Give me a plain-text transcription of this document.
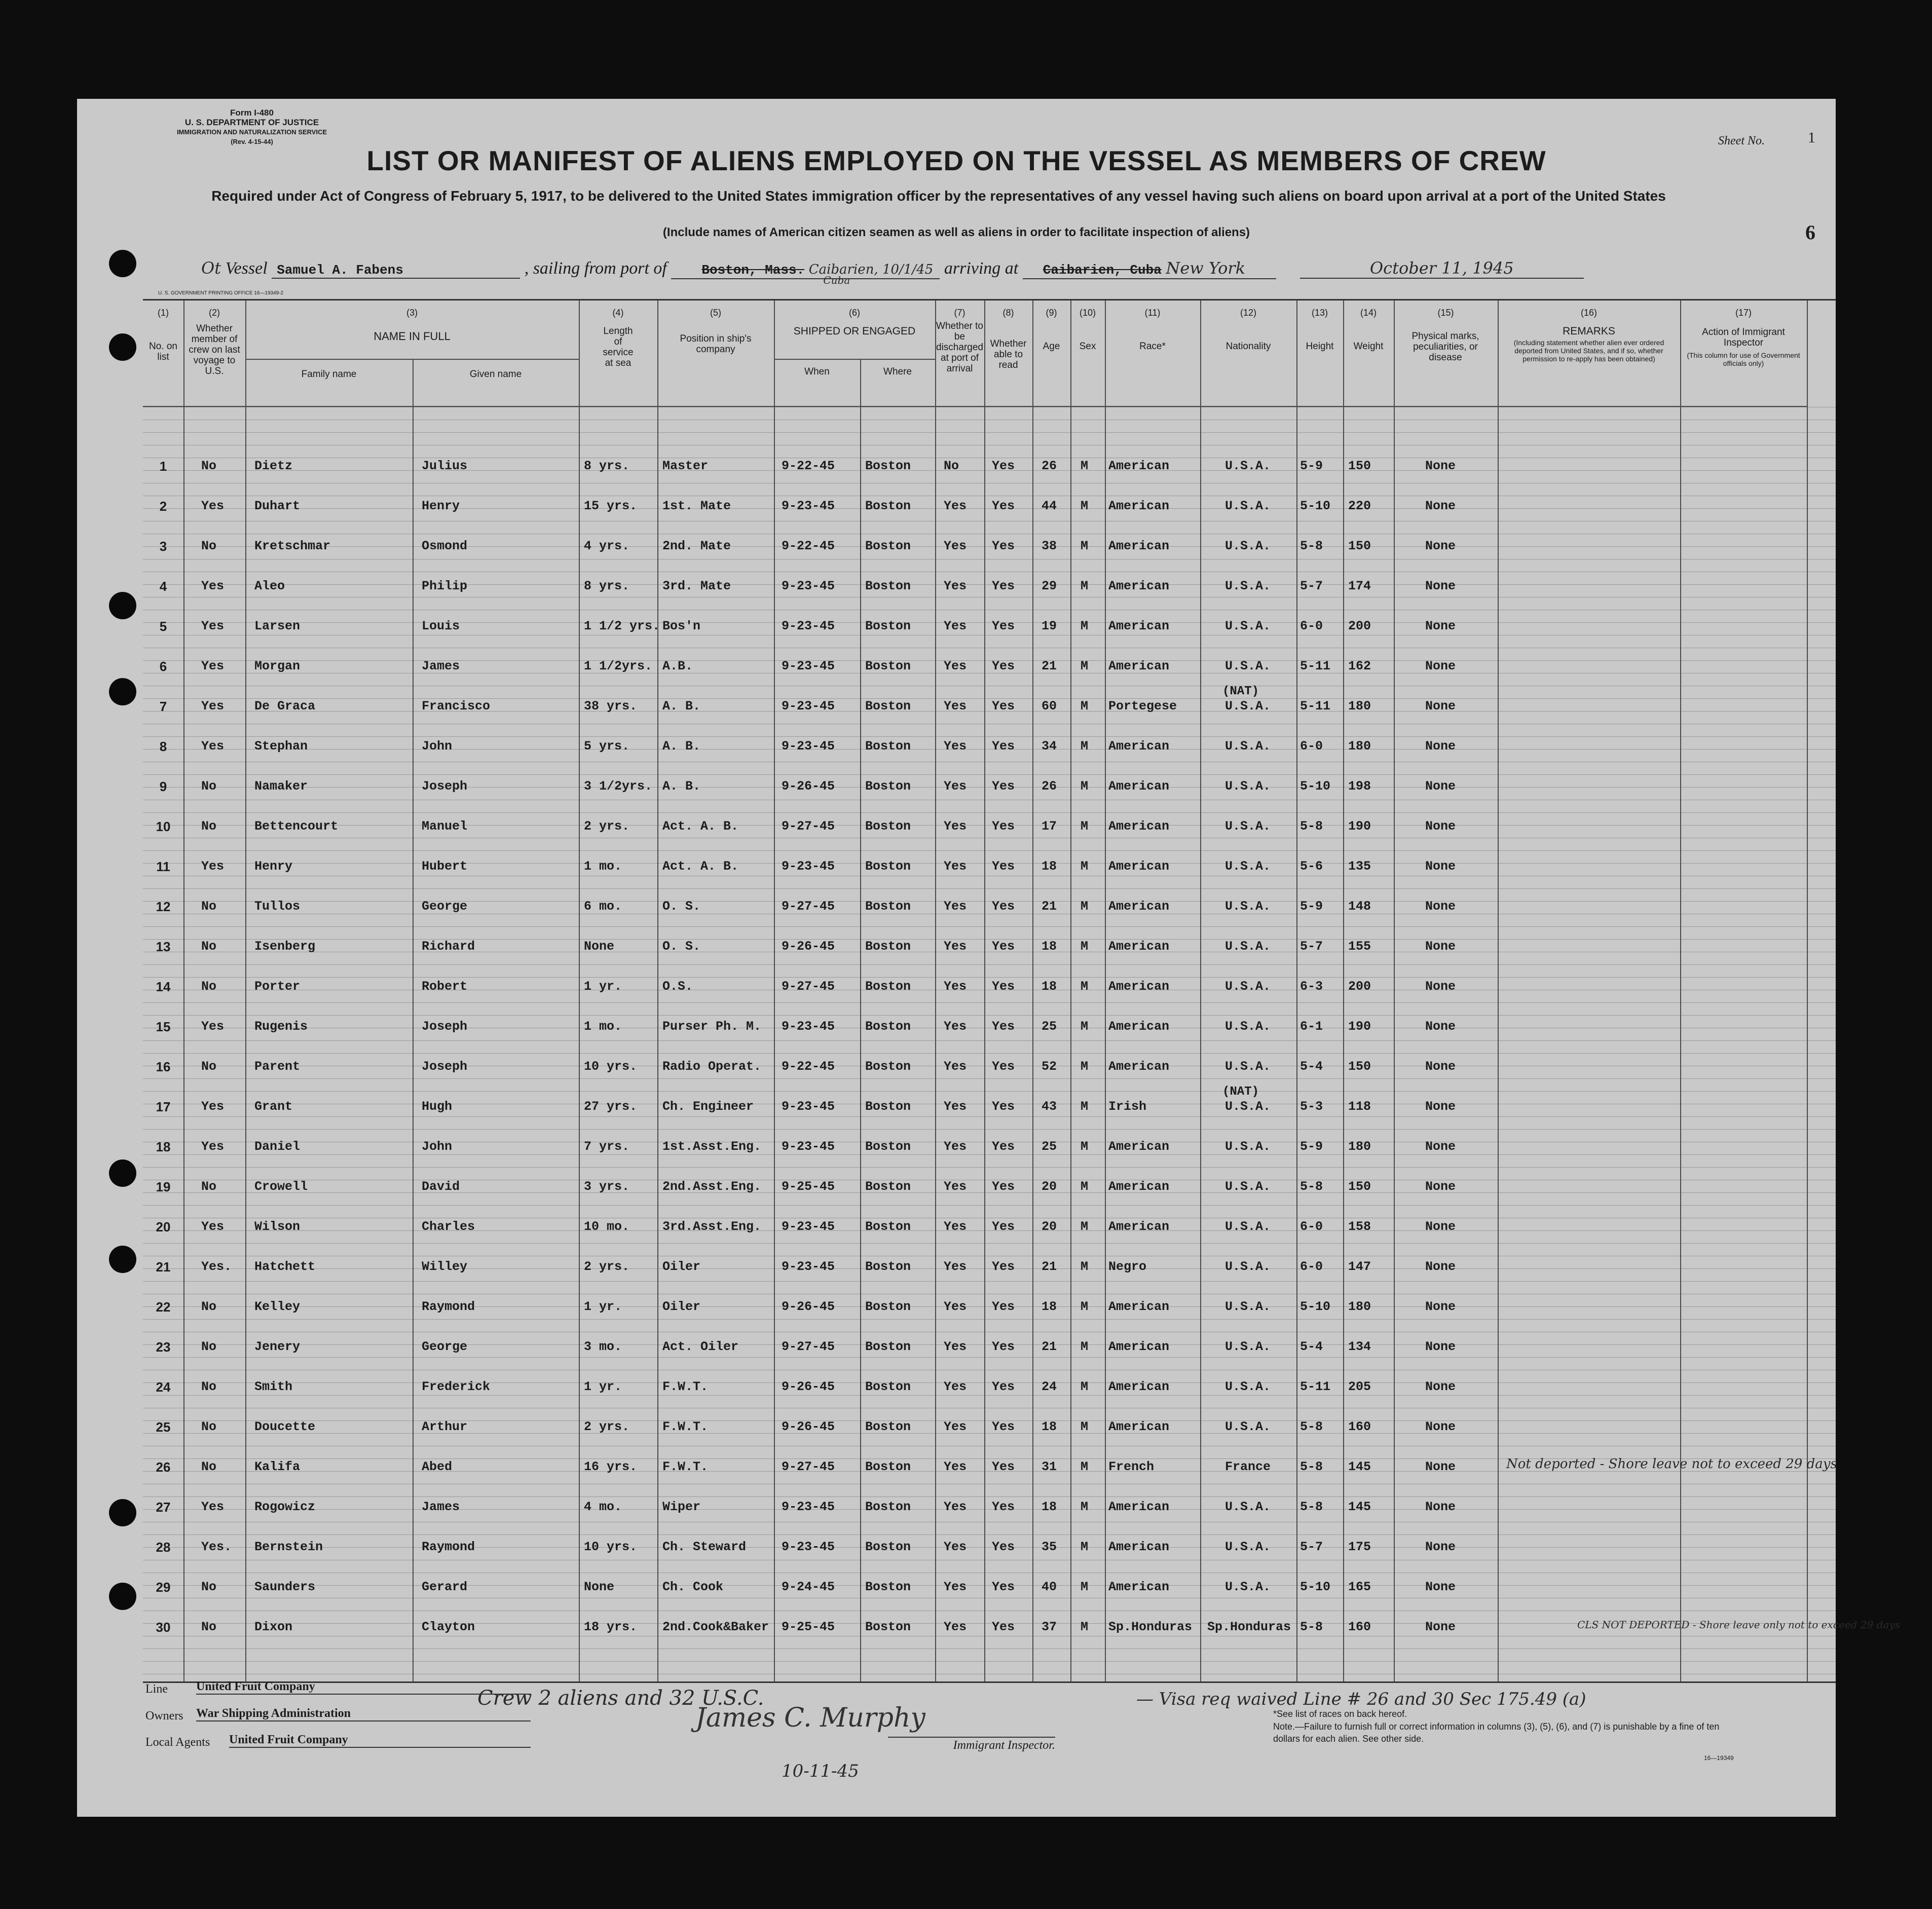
Form I-480
U. S. DEPARTMENT OF JUSTICE
IMMIGRATION AND NATURALIZATION SERVICE
(Rev. 4-15-44)	Sheet No.	1
6
LIST OR MANIFEST OF ALIENS EMPLOYED ON THE VESSEL AS MEMBERS OF CREW
Required under Act of Congress of February 5, 1917, to be delivered to the United States immigration officer by the representatives of any vessel having such aliens on board upon arrival at a port of the United States
(Include names of American citizen seamen as well as aliens in order to facilitate inspection of aliens)
Ot Vessel Samuel A. Fabens	, sailing from port of	Boston, Mass. Caibarien, 10/1/45
Cuba
arriving at Caibarien, Cuba New York	October 11, 1945
U. S. GOVERNMENT PRINTING OFFICE 16—19349-2
(1)
No. on list
(2)
Whether member of crew on last voyage to U.S.
(3)
NAME IN FULL
Family name	Given name
(4)
Length of service at sea
(5)
Position in ship's company
(6)
SHIPPED OR ENGAGED
When	Where
(7)
Whether to be discharged at port of arrival
(8)
Whether able to read
(9)
Age
(10)
Sex
(11)
Race*
(12)
Nationality
(13)
Height
(14)
Weight
(15)
Physical marks, peculiarities, or disease
(16)
REMARKS
(Including statement whether alien ever ordered deported from United States, and if so, whether permission to re-apply has been obtained)
(17)
Action of Immigrant Inspector
(This column for use of Government officials only)
1	No	Dietz	Julius	8 yrs.	Master	9-22-45 Boston	No	Yes 26 M American	U.S.A.	5-9 150	None
2	Yes Duhart	Henry	15 yrs. 1st. Mate	9-23-45 Boston	Yes Yes 44 M American	U.S.A.	5-10 220	None
3	No	Kretschmar	Osmond	4 yrs.	2nd. Mate	9-22-45 Boston	Yes Yes 38 M American	U.S.A.	5-8 150	None
4	Yes Aleo	Philip	8 yrs.	3rd. Mate	9-23-45 Boston	Yes Yes 29 M American	U.S.A.	5-7 174	None
5	Yes Larsen	Louis	1 1/2 yrs. Bos'n	9-23-45 Boston	Yes Yes 19 M American	U.S.A.	6-0 200	None
6	Yes Morgan	James	1 1/2yrs. A.B.	9-23-45 Boston	Yes Yes 21 M American	U.S.A.	5-11 162	None
7	Yes De Graca	Francisco	38 yrs. A. B.	9-23-45 Boston	Yes Yes 60 M Portegese	U.S.A.	5-11 180	None
(NAT)
8	Yes Stephan	John	5 yrs.	A. B.	9-23-45 Boston	Yes Yes 34 M American	U.S.A.	6-0 180	None
9	No	Namaker	Joseph	3 1/2yrs. A. B.	9-26-45 Boston	Yes Yes 26 M American	U.S.A.	5-10 198	None
10	No	Bettencourt	Manuel	2 yrs.	Act. A. B.	9-27-45 Boston	Yes Yes 17 M American	U.S.A.	5-8 190	None
11	Yes Henry	Hubert	1 mo.	Act. A. B.	9-23-45 Boston	Yes Yes 18 M American	U.S.A.	5-6 135	None
12	No	Tullos	George	6 mo.	O. S.	9-27-45 Boston	Yes Yes 21 M American	U.S.A.	5-9 148	None
13	No	Isenberg	Richard	None	O. S.	9-26-45 Boston	Yes Yes 18 M American	U.S.A.	5-7 155	None
14	No	Porter	Robert	1 yr.	O.S.	9-27-45 Boston	Yes Yes 18 M American	U.S.A.	6-3 200	None
15	Yes Rugenis	Joseph	1 mo.	Purser Ph. M. 9-23-45 Boston	Yes Yes 25 M American	U.S.A.	6-1 190	None
16	No	Parent	Joseph	10 yrs. Radio Operat. 9-22-45 Boston	Yes Yes 52 M American	U.S.A.	5-4 150	None
17	Yes Grant	Hugh	27 yrs. Ch. Engineer 9-23-45 Boston	Yes Yes 43 M Irish	U.S.A.	5-3 118	None
(NAT)
18	Yes Daniel	John	7 yrs.	1st.Asst.Eng. 9-23-45 Boston	Yes Yes 25 M American	U.S.A.	5-9 180	None
19	No	Crowell	David	3 yrs.	2nd.Asst.Eng. 9-25-45 Boston	Yes Yes 20 M American	U.S.A.	5-8 150	None
20	Yes Wilson	Charles	10 mo.	3rd.Asst.Eng. 9-23-45 Boston	Yes Yes 20 M American	U.S.A.	6-0 158	None
21	Yes. Hatchett	Willey	2 yrs.	Oiler	9-23-45 Boston	Yes Yes 21 M Negro	U.S.A.	6-0 147	None
22	No	Kelley	Raymond	1 yr.	Oiler	9-26-45 Boston	Yes Yes 18 M American	U.S.A.	5-10 180	None
23	No	Jenery	George	3 mo.	Act. Oiler	9-27-45 Boston	Yes Yes 21 M American	U.S.A.	5-4 134	None
24	No	Smith	Frederick	1 yr.	F.W.T.	9-26-45 Boston	Yes Yes 24 M American	U.S.A.	5-11 205	None
25	No	Doucette	Arthur	2 yrs.	F.W.T.	9-26-45 Boston	Yes Yes 18 M American	U.S.A.	5-8 160	None
26	No	Kalifa	Abed	16 yrs. F.W.T.	9-27-45 Boston	Yes Yes 31 M French	France	5-8 145	None	Not deported - Shore leave not to exceed 29 days
27	Yes Rogowicz	James	4 mo.	Wiper	9-23-45 Boston	Yes Yes 18 M American	U.S.A.	5-8 145	None
28	Yes. Bernstein	Raymond	10 yrs. Ch. Steward	9-23-45 Boston	Yes Yes 35 M American	U.S.A.	5-7 175	None
29	No	Saunders	Gerard	None	Ch. Cook	9-24-45 Boston	Yes Yes 40 M American	U.S.A.	5-10 165	None
30	No	Dixon	Clayton	18 yrs. 2nd.Cook&Baker 9-25-45 Boston	Yes Yes 37 M Sp.Honduras Sp.Honduras 5-8 160	None	CLS NOT DEPORTED - Shore leave only not to exceed 29 days
Crew 2 aliens and 32 U.S.C.	— Visa req waived Line # 26 and 30 Sec 175.49 (a)
Line United Fruit Company
Owners War Shipping Administration
Local Agents United Fruit Company
James C. Murphy
Immigrant Inspector.
10-11-45
*See list of races on back hereof.
Note.—Failure to furnish full or correct information in columns (3), (5), (6), and (7) is punishable by a fine of ten dollars for each alien. See other side.
16—19349
